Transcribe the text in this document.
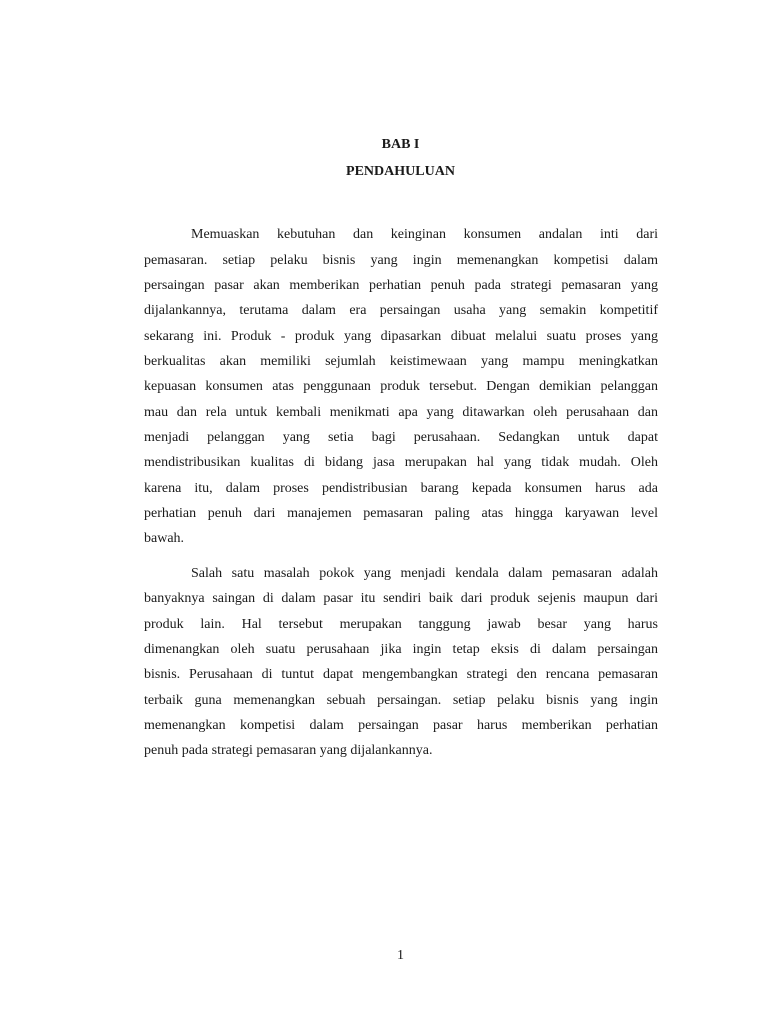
BAB I

PENDAHULUAN

Memuaskan kebutuhan dan keinginan konsumen andalan inti dari

pemasaran. setiap pelaku bisnis yang ingin memenangkan kompetisi dalam

persaingan pasar akan memberikan perhatian penuh pada strategi pemasaran yang

dijalankannya, terutama dalam era persaingan usaha yang semakin kompetitif

sekarang ini. Produk - produk yang dipasarkan dibuat melalui suatu proses yang

berkualitas akan memiliki sejumlah keistimewaan yang mampu meningkatkan

kepuasan konsumen atas penggunaan produk tersebut. Dengan demikian pelanggan

mau dan rela untuk kembali menikmati apa yang ditawarkan oleh perusahaan dan

menjadi pelanggan yang setia bagi perusahaan. Sedangkan untuk dapat

mendistribusikan kualitas di bidang jasa merupakan hal yang tidak mudah. Oleh

karena itu, dalam proses pendistribusian barang kepada konsumen harus ada

perhatian penuh dari manajemen pemasaran paling atas hingga karyawan level

bawah.

Salah satu masalah pokok yang menjadi kendala dalam pemasaran adalah

banyaknya saingan di dalam pasar itu sendiri baik dari produk sejenis maupun dari

produk lain. Hal tersebut merupakan tanggung jawab besar yang harus

dimenangkan oleh suatu perusahaan jika ingin tetap eksis di dalam persaingan

bisnis. Perusahaan di tuntut dapat mengembangkan strategi den rencana pemasaran

terbaik guna memenangkan sebuah persaingan. setiap pelaku bisnis yang ingin

memenangkan kompetisi dalam persaingan pasar harus memberikan perhatian

penuh pada strategi pemasaran yang dijalankannya.

1
